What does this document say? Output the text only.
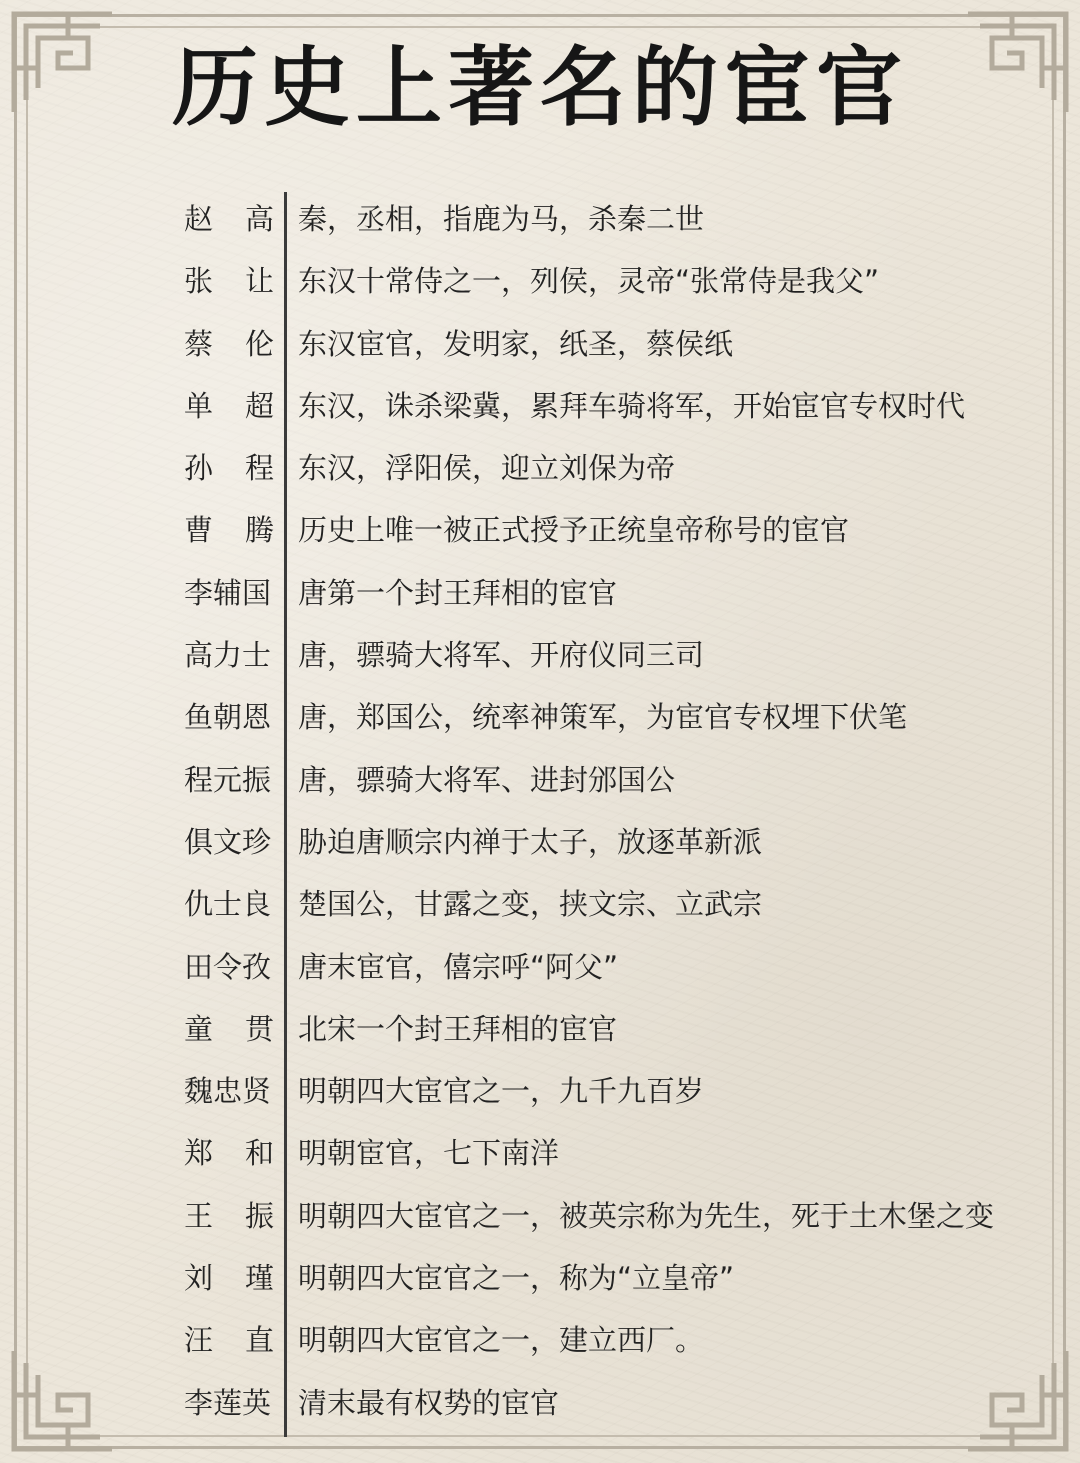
历史上著名的宦官
赵 高 秦，丞相，指鹿为马，杀秦二世
张 让 东汉十常侍之一，列侯，灵帝“张常侍是我父”
蔡 伦 东汉宦官，发明家，纸圣，蔡侯纸
单 超 东汉，诛杀梁冀，累拜车骑将军，开始宦官专权时代
孙 程 东汉，浮阳侯，迎立刘保为帝
曹 腾 历史上唯一被正式授予正统皇帝称号的宦官
李辅国 唐第一个封王拜相的宦官
高力士 唐，骠骑大将军、开府仪同三司
鱼朝恩 唐，郑国公，统率神策军，为宦官专权埋下伏笔
程元振 唐，骠骑大将军、进封邠国公
俱文珍 胁迫唐顺宗内禅于太子，放逐革新派
仇士良 楚国公，甘露之变，挟文宗、立武宗
田令孜 唐末宦官，僖宗呼“阿父”
童 贯 北宋一个封王拜相的宦官
魏忠贤 明朝四大宦官之一，九千九百岁
郑 和 明朝宦官，七下南洋
王 振 明朝四大宦官之一，被英宗称为先生，死于土木堡之变
刘 瑾 明朝四大宦官之一，称为“立皇帝”
汪 直 明朝四大宦官之一，建立西厂。
李莲英 清末最有权势的宦官
